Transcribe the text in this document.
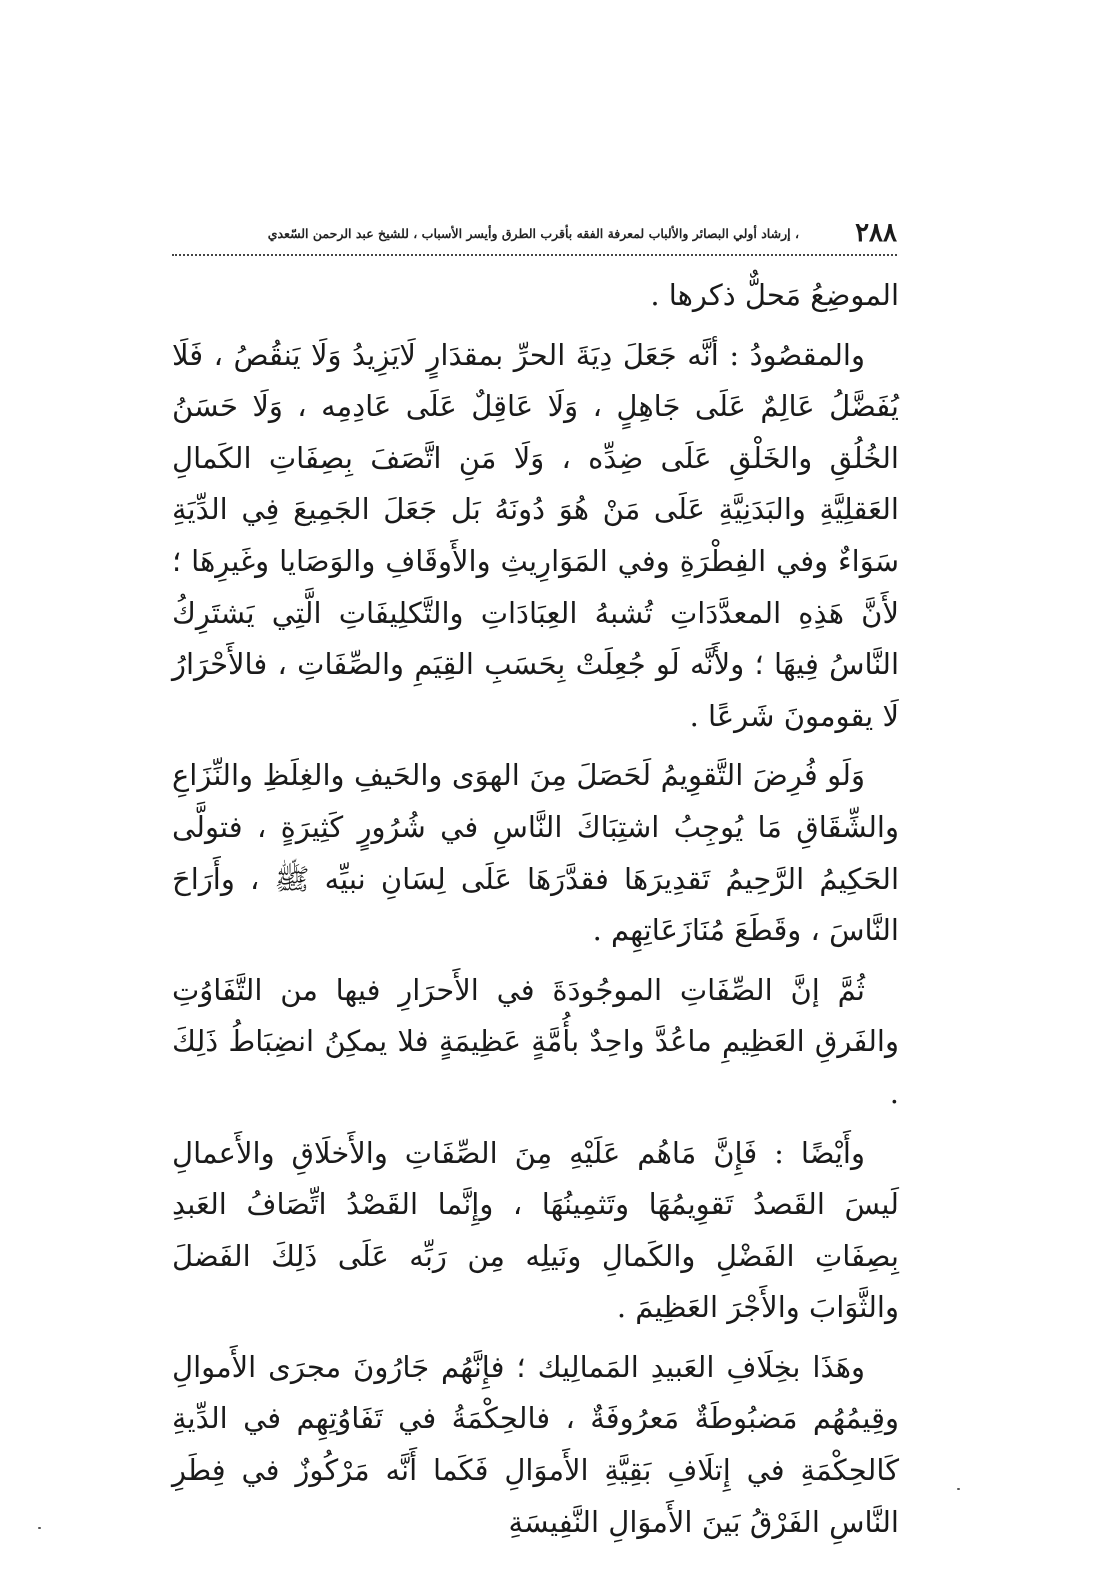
٢٨٨
، إرشاد أولي البصائر والألباب لمعرفة الفقه بأقرب الطرق وأيسر الأسباب ، للشيخ عبد الرحمن السّعدي

الموضِعُ مَحلٌّ ذكرها .

والمقصُودُ : أنَّه جَعَلَ دِيَةَ الحرِّ بمقدَارٍ لَايَزِيدُ وَلَا يَنقُصُ ، فَلَا يُفَضَّلُ عَالِمٌ عَلَى جَاهِلٍ ، وَلَا عَاقِلٌ عَلَى عَادِمِه ، وَلَا حَسَنُ الخُلُقِ والخَلْقِ عَلَى ضِدِّه ، وَلَا مَنِ اتَّصَفَ بِصِفَاتِ الكَمالِ العَقلِيَّةِ والبَدَنِيَّةِ عَلَى مَنْ هُوَ دُونَهُ بَل جَعَلَ الجَمِيعَ فِي الدِّيَةِ سَوَاءٌ وفي الفِطْرَةِ وفي المَوَارِيثِ والأَوقَافِ والوَصَايا وغَيرِهَا ؛ لأَنَّ هَذِهِ المعدَّدَاتِ تُشبهُ العِبَادَاتِ والتَّكلِيفَاتِ الَّتِي يَشتَرِكُ النَّاسُ فِيهَا ؛ ولأَنَّه لَو جُعِلَتْ بِحَسَبِ القِيَمِ والصِّفَاتِ ، فالأَحْرَارُ لَا يقومونَ شَرعًا .

وَلَو فُرِضَ التَّقوِيمُ لَحَصَلَ مِنَ الهوَى والحَيفِ والغِلَظِ والنِّزَاعِ والشِّقَاقِ مَا يُوجِبُ اشتِبَاكَ النَّاسِ في شُرُورٍ كَثِيرَةٍ ، فتولَّى الحَكِيمُ الرَّحِيمُ تَقدِيرَهَا فقدَّرَهَا عَلَى لِسَانِ نبيِّه ﷺ ، وأَرَاحَ النَّاسَ ، وقَطَعَ مُنَازَعَاتِهِم .

ثُمَّ إنَّ الصِّفَاتِ الموجُودَةَ في الأَحرَارِ فيها من التَّفَاوُتِ والفَرقِ العَظِيمِ ماعُدَّ واحِدٌ بأُمَّةٍ عَظِيمَةٍ فلا يمكِنُ انضِبَاطُ ذَلِكَ .

وأَيْضًا : فَإِنَّ مَاهُم عَلَيْهِ مِنَ الصِّفَاتِ والأَخلَاقِ والأَعمالِ لَيسَ القَصدُ تَقوِيمُهَا وتَثمِينُهَا ، وإِنَّما القَصْدُ اتِّصَافُ العَبدِ بِصِفَاتِ الفَضْلِ والكَمالِ ونَيلِه مِن رَبِّه عَلَى ذَلِكَ الفَضلَ والثَّوَابَ والأَجْرَ العَظِيمَ .

وهَذَا بخِلَافِ العَبيدِ المَمالِيك ؛ فإِنَّهُم جَارُونَ مجرَى الأَموالِ وقِيمُهُم مَضبُوطَةٌ مَعرُوفَةٌ ، فالحِكْمَةُ في تَفَاوُتِهِم في الدِّيةِ كَالحِكْمَةِ في إِتلَافِ بَقِيَّةِ الأَموَالِ فَكَما أَنَّه مَرْكُوزٌ في فِطَرِ النَّاسِ الفَرْقُ بَينَ الأَموَالِ النَّفِيسَةِ
